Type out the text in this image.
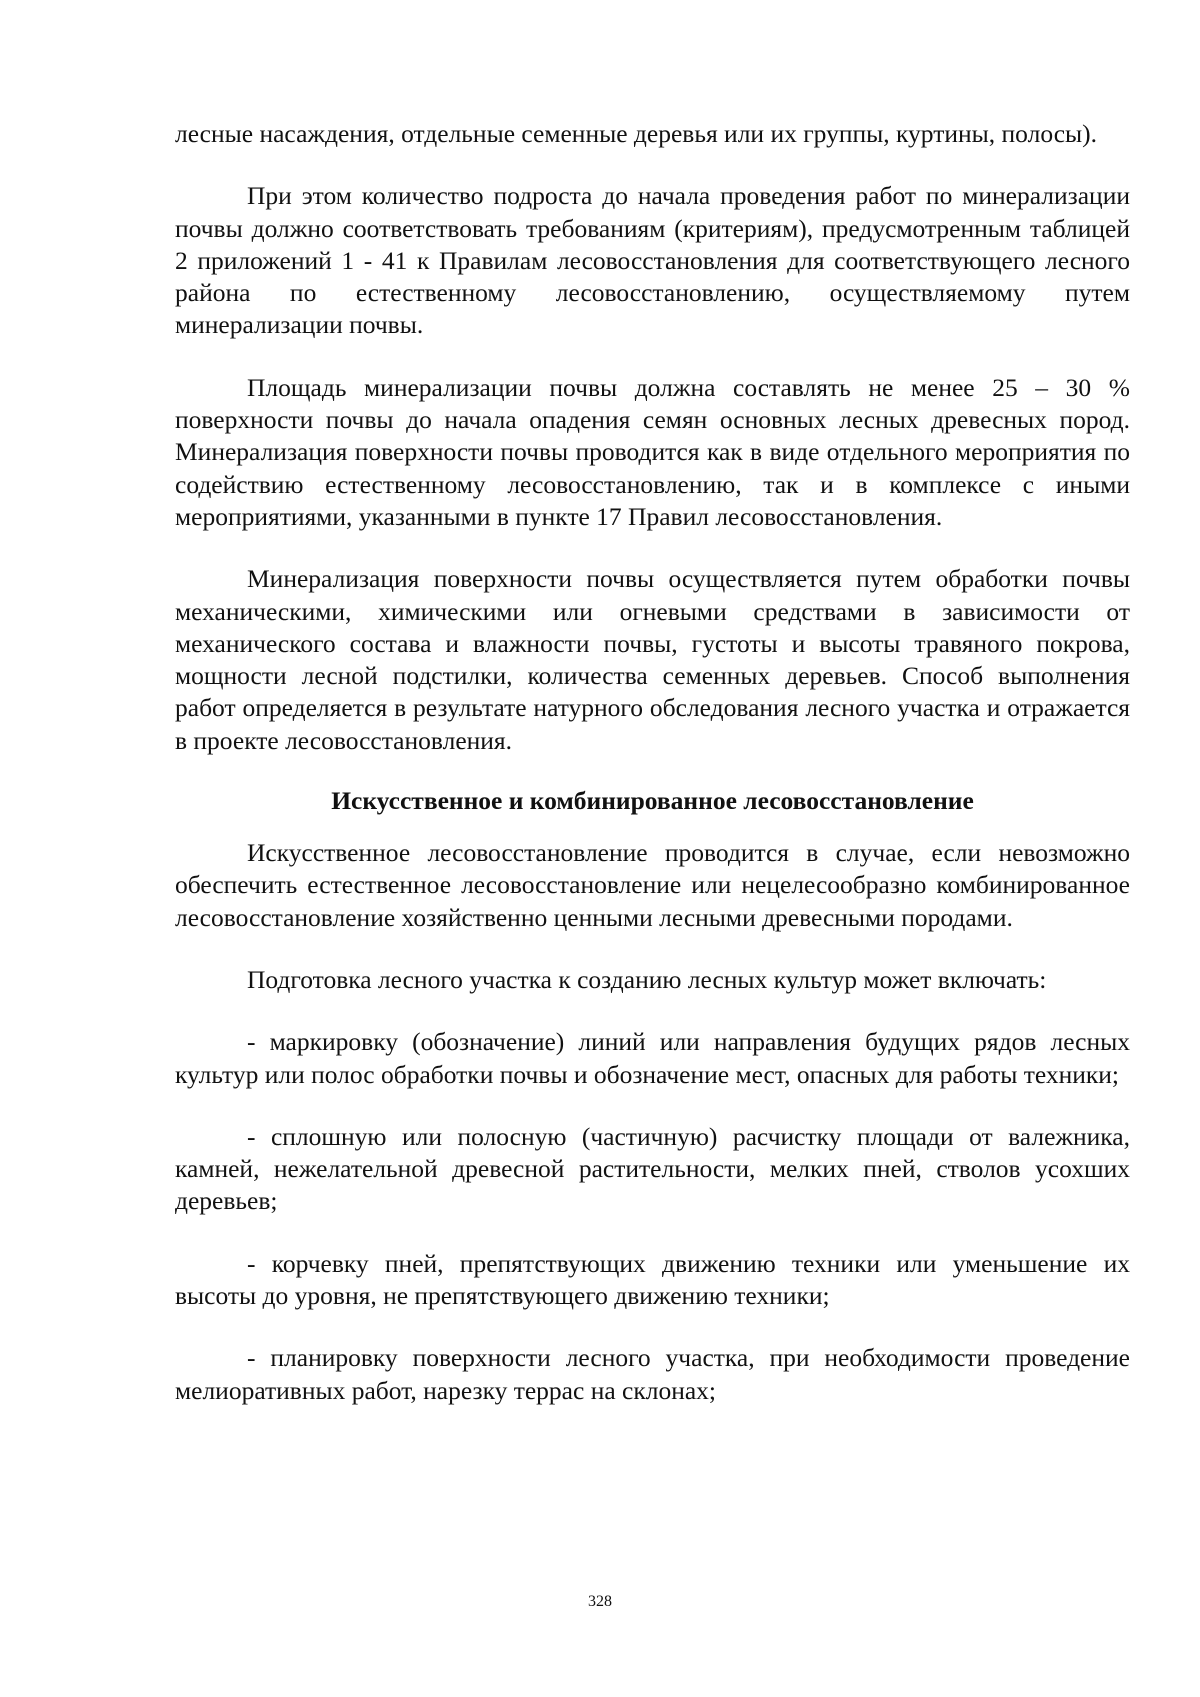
лесные насаждения, отдельные семенные деревья или их группы, куртины, полосы).

При этом количество подроста до начала проведения работ по минерализации почвы должно соответствовать требованиям (критериям), предусмотренным таблицей 2 приложений 1 - 41 к Правилам лесовосстановления для соответствующего лесного района по естественному лесовосстановлению, осуществляемому путем минерализации почвы.

Площадь минерализации почвы должна составлять не менее 25 – 30 % поверхности почвы до начала опадения семян основных лесных древесных пород. Минерализация поверхности почвы проводится как в виде отдельного мероприятия по содействию естественному лесовосстановлению, так и в комплексе с иными мероприятиями, указанными в пункте 17 Правил лесовосстановления.

Минерализация поверхности почвы осуществляется путем обработки почвы механическими, химическими или огневыми средствами в зависимости от механического состава и влажности почвы, густоты и высоты травяного покрова, мощности лесной подстилки, количества семенных деревьев. Способ выполнения работ определяется в результате натурного обследования лесного участка и отражается в проекте лесовосстановления.

Искусственное и комбинированное лесовосстановление

Искусственное лесовосстановление проводится в случае, если невозможно обеспечить естественное лесовосстановление или нецелесообразно комбинированное лесовосстановление хозяйственно ценными лесными древесными породами.

Подготовка лесного участка к созданию лесных культур может включать:

- маркировку (обозначение) линий или направления будущих рядов лесных культур или полос обработки почвы и обозначение мест, опасных для работы техники;

- сплошную или полосную (частичную) расчистку площади от валежника, камней, нежелательной древесной растительности, мелких пней, стволов усохших деревьев;

- корчевку пней, препятствующих движению техники или уменьшение их высоты до уровня, не препятствующего движению техники;

- планировку поверхности лесного участка, при необходимости проведение мелиоративных работ, нарезку террас на склонах;

328
